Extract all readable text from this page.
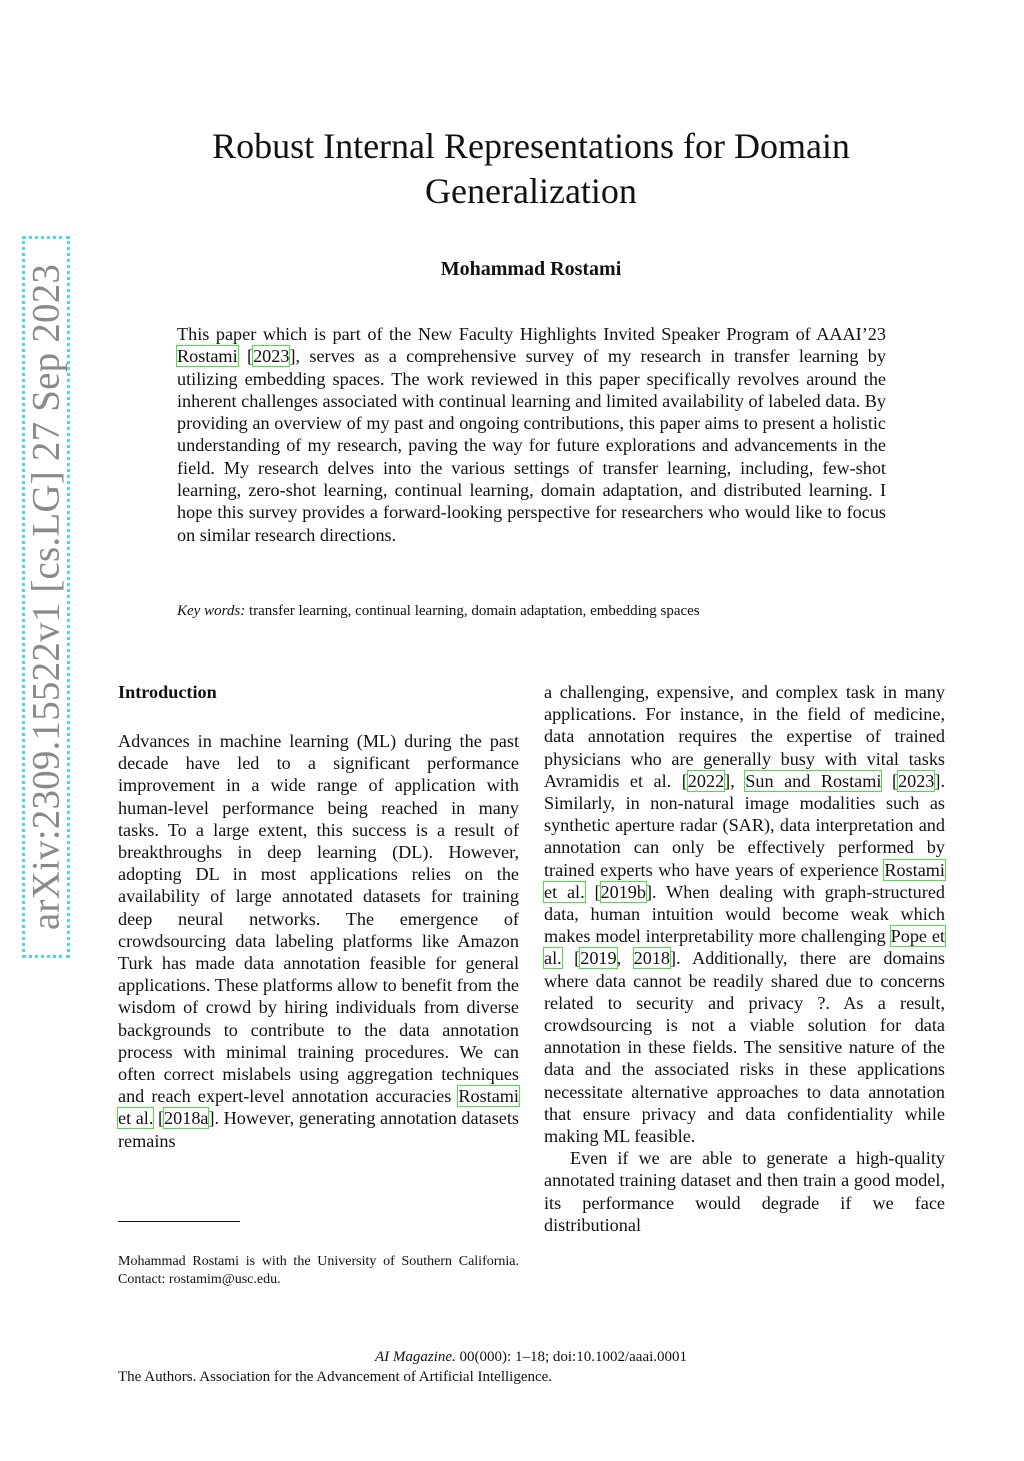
arXiv:2309.15522v1 [cs.LG] 27 Sep 2023
Robust Internal Representations for Domain
Generalization
Mohammad Rostami
This paper which is part of the New Faculty Highlights Invited Speaker Program of AAAI’23 Rostami [2023], serves as a comprehensive survey of my research in transfer learning by utilizing embedding spaces. The work reviewed in this paper specifically revolves around the inherent challenges associated with continual learning and limited availability of labeled data. By providing an overview of my past and ongoing contributions, this paper aims to present a holistic understanding of my research, paving the way for future explorations and advancements in the field. My research delves into the various settings of transfer learning, including, few-shot learning, zero-shot learning, continual learning, domain adaptation, and distributed learning. I hope this survey provides a forward-looking perspective for researchers who would like to focus on similar research directions.
Key words: transfer learning, continual learning, domain adaptation, embedding spaces
Introduction

Advances in machine learning (ML) during the past decade have led to a significant performance improvement in a wide range of application with human-level performance being reached in many tasks. To a large extent, this success is a result of breakthroughs in deep learning (DL). However, adopting DL in most applications relies on the availability of large annotated datasets for training deep neural networks. The emergence of crowdsourcing data labeling platforms like Amazon Turk has made data annotation feasible for general applications. These platforms allow to benefit from the wisdom of crowd by hiring individuals from diverse backgrounds to contribute to the data annotation process with minimal training procedures. We can often correct mislabels using aggregation techniques and reach expert-level annotation accuracies Rostami et al. [2018a]. However, generating annotation datasets remains

a challenging, expensive, and complex task in many applications. For instance, in the field of medicine, data annotation requires the expertise of trained physicians who are generally busy with vital tasks Avramidis et al. [2022], Sun and Rostami [2023]. Similarly, in non-natural image modalities such as synthetic aperture radar (SAR), data interpretation and annotation can only be effectively performed by trained experts who have years of experience Rostami et al. [2019b]. When dealing with graph-structured data, human intuition would become weak which makes model interpretability more challenging Pope et al. [2019, 2018]. Additionally, there are domains where data cannot be readily shared due to concerns related to security and privacy ?. As a result, crowdsourcing is not a viable solution for data annotation in these fields. The sensitive nature of the data and the associated risks in these applications necessitate alternative approaches to data annotation that ensure privacy and data confidentiality while making ML feasible.

Even if we are able to generate a high-quality annotated training dataset and then train a good model, its performance would degrade if we face distributional

Mohammad Rostami is with the University of Southern California. Contact: rostamim@usc.edu.
AI Magazine. 00(000): 1–18; doi:10.1002/aaai.0001
The Authors. Association for the Advancement of Artificial Intelligence.
